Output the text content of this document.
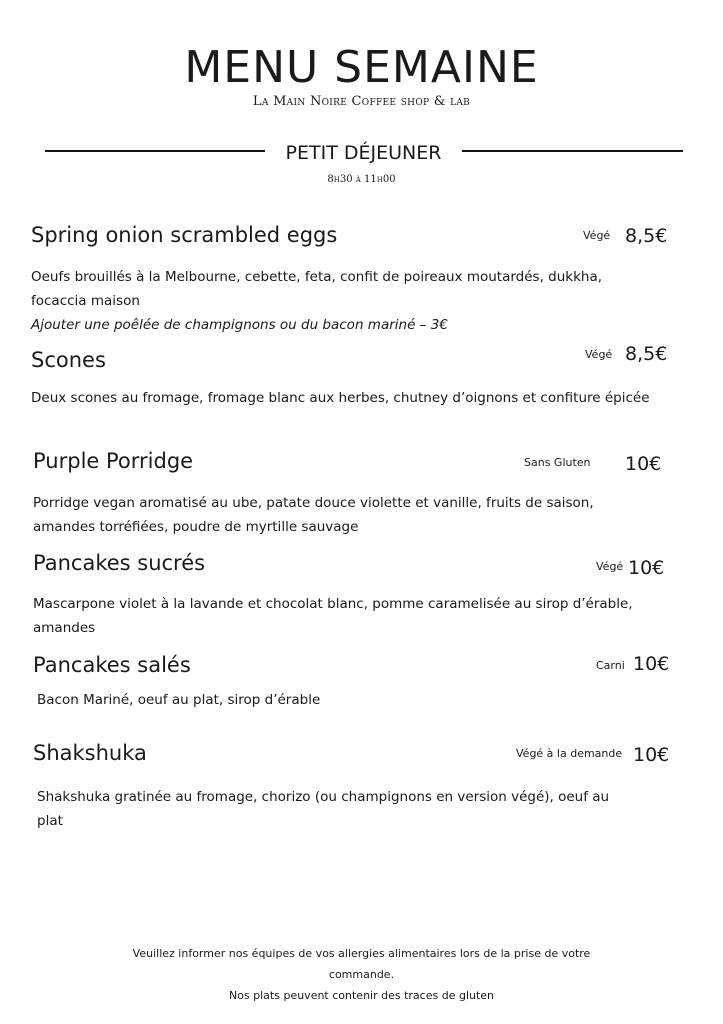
MENU SEMAINE

La Main Noire Coffee shop & lab

PETIT DÉJEUNER
8h30 à 11h00
Spring onion scrambled eggs	Végé 8,5€
Oeufs brouillés à la Melbourne, cebette, feta, confit de poireaux moutardés, dukkha, focaccia maison
Ajouter une poêlée de champignons ou du bacon mariné – 3€
Scones	Végé 8,5€
Deux scones au fromage, fromage blanc aux herbes, chutney d’oignons et confiture épicée
Purple Porridge	Sans Gluten 10€
Porridge vegan aromatisé au ube, patate douce violette et vanille, fruits de saison, amandes torréfiées, poudre de myrtille sauvage
Pancakes sucrés	Végé 10€
Mascarpone violet à la lavande et chocolat blanc, pomme caramelisée au sirop d’érable, amandes
Pancakes salés	Carni 10€
Bacon Mariné, oeuf au plat, sirop d’érable
Shakshuka	Végé à la demande 10€
Shakshuka gratinée au fromage, chorizo (ou champignons en version végé), oeuf au plat
Veuillez informer nos équipes de vos allergies alimentaires lors de la prise de votre
commande.
Nos plats peuvent contenir des traces de gluten
